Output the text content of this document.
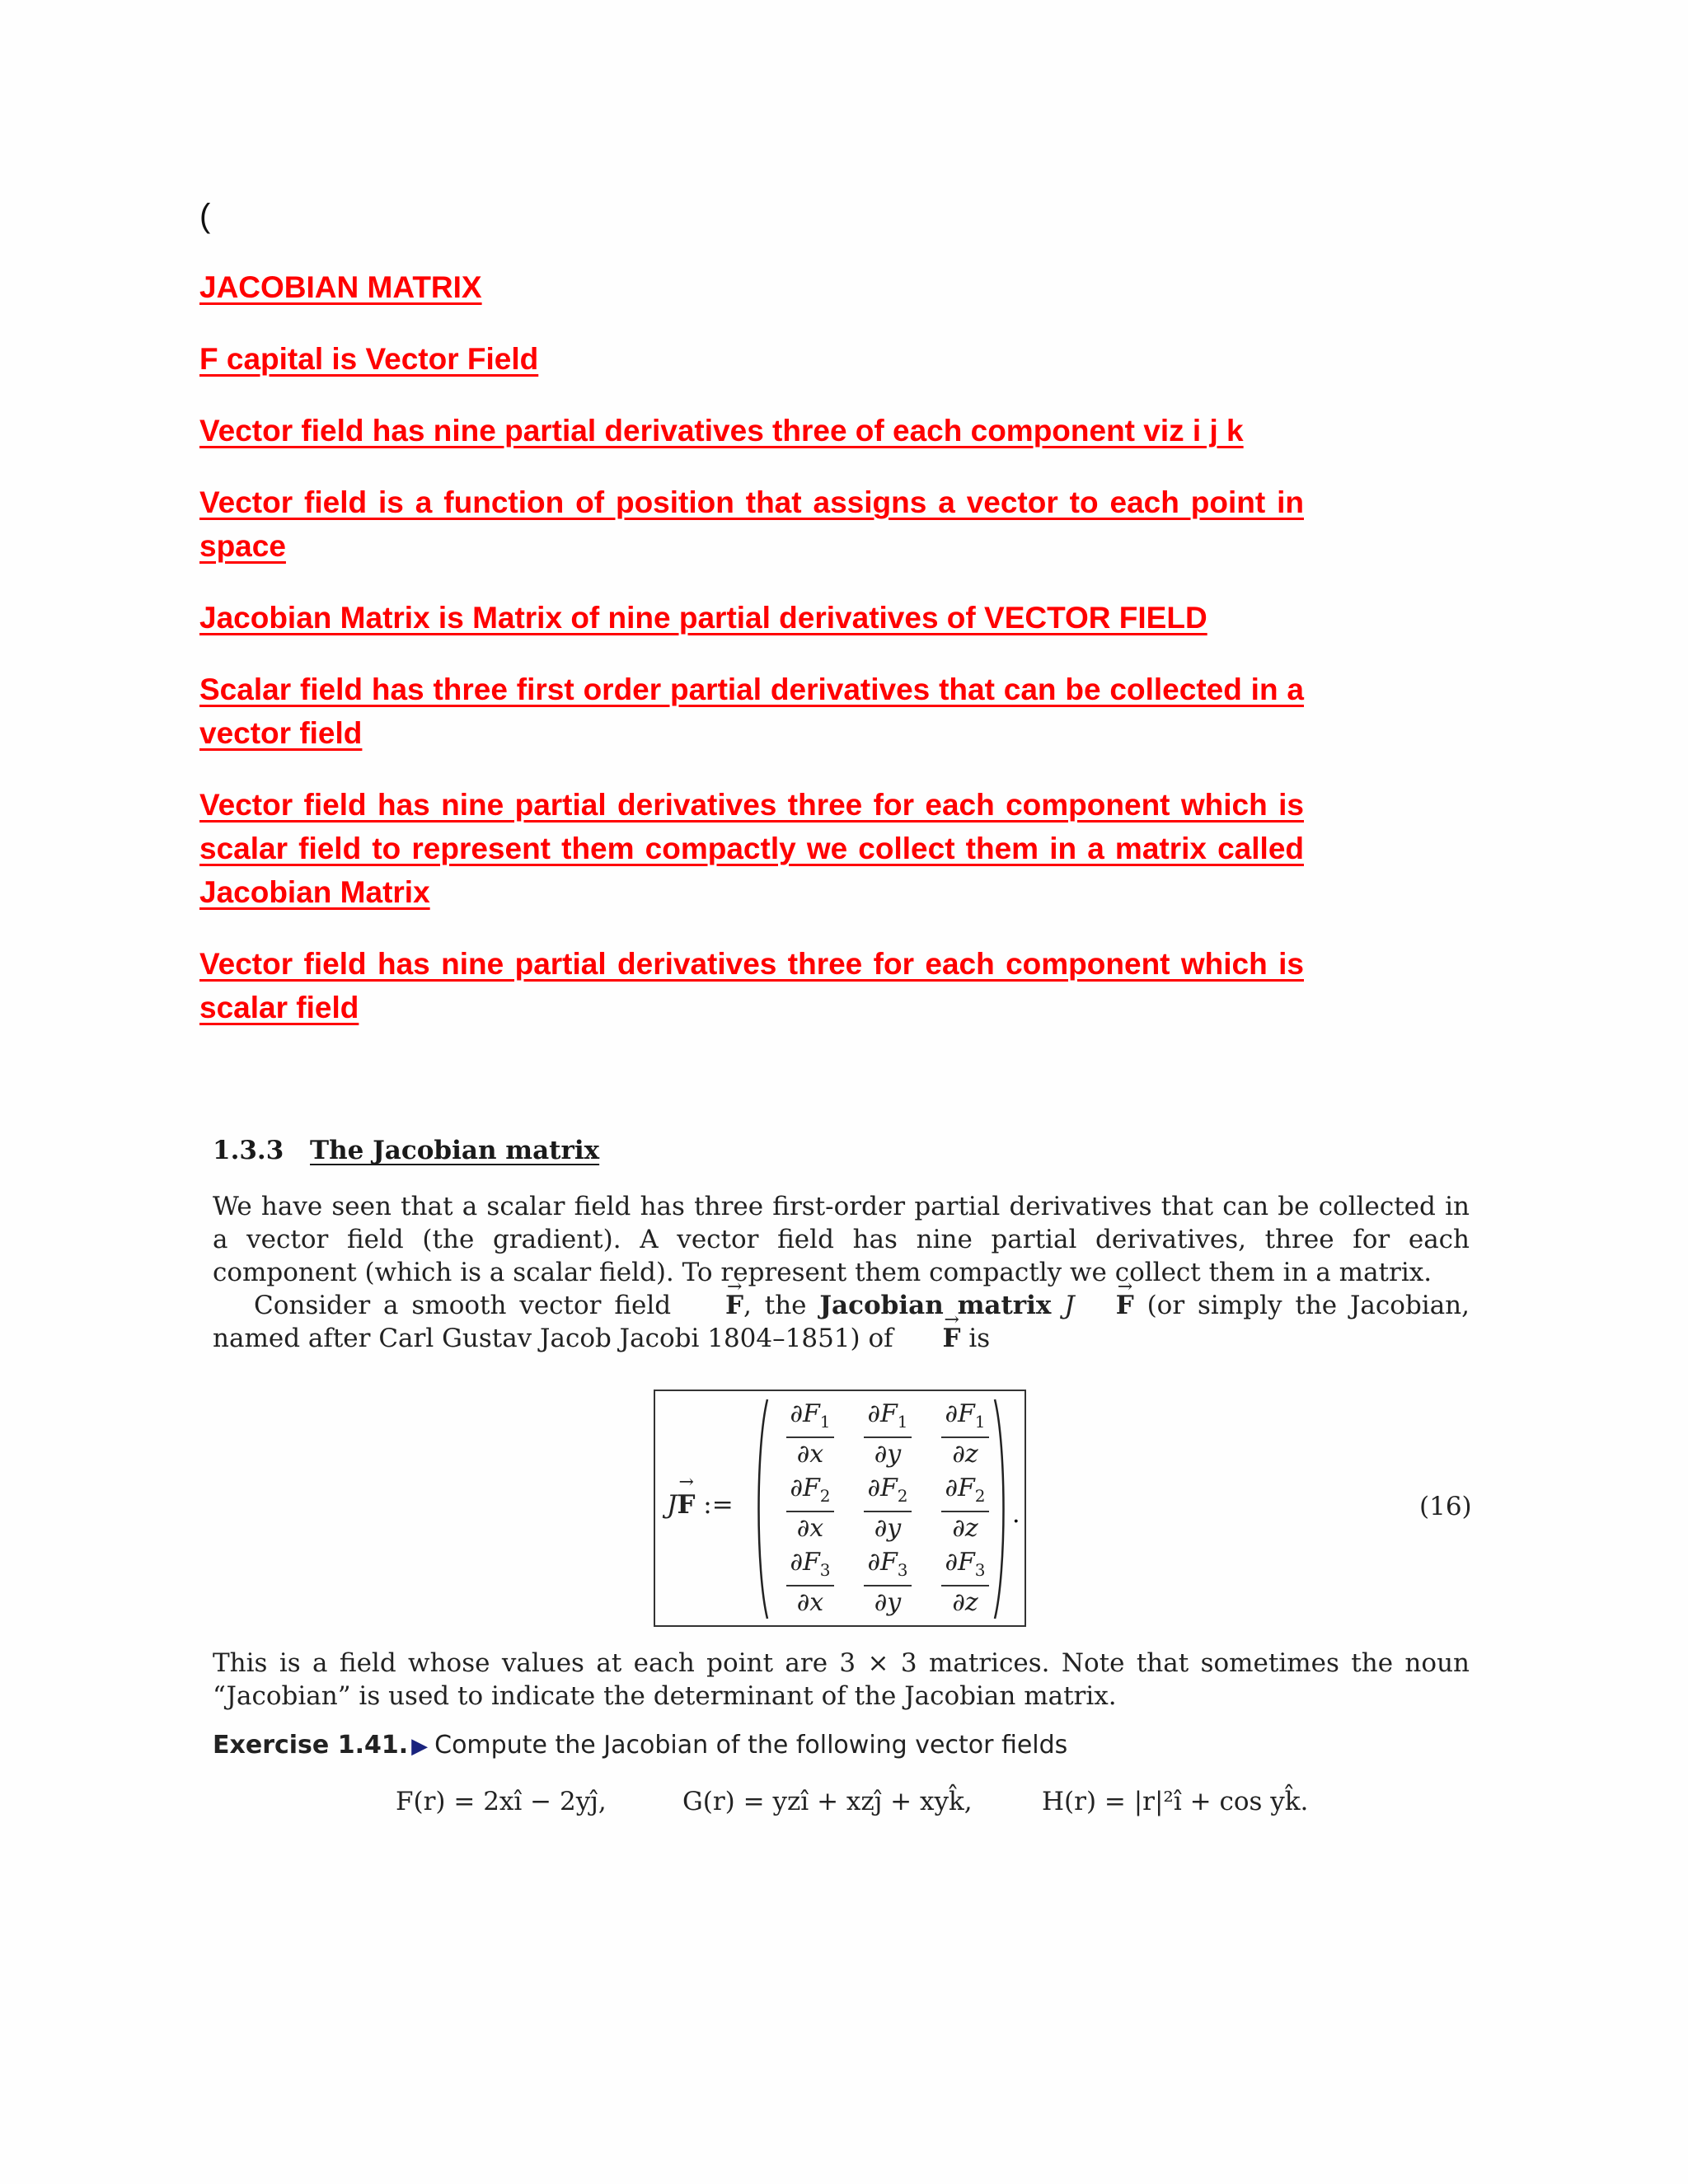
(

JACOBIAN MATRIX

F capital is Vector Field

Vector field has nine partial derivatives three of each component viz i j k

Vector field is a function of position that assigns a vector to each point in space

Jacobian Matrix is Matrix of nine partial derivatives of VECTOR FIELD

Scalar field has three first order partial derivatives that can be collected in a vector field

Vector field has nine partial derivatives three for each component which is scalar field to represent them compactly we collect them in a matrix called Jacobian Matrix

Vector field has nine partial derivatives three for each component which is scalar field

1.3.3 The Jacobian matrix

We have seen that a scalar field has three first-order partial derivatives that can be collected in a vector field (the gradient). A vector field has nine partial derivatives, three for each component (which is a scalar field). To represent them compactly we collect them in a matrix.

Consider a smooth vector field → F, the Jacobian matrix J→ F (or simply the Jacobian, named after Carl Gustav Jacob Jacobi 1804–1851) of → F is

J→ F :=
$\frac{\partial F_1}{\partial x} \frac{\partial F_1}{\partial y} \frac{\partial F_1}{\partial z}$
$\frac{\partial F_2}{\partial x} \frac{\partial F_2}{\partial y} \frac{\partial F_2}{\partial z}$
$\frac{\partial F_3}{\partial x} \frac{\partial F_3}{\partial y} \frac{\partial F_3}{\partial z}$
.	(16)

This is a field whose values at each point are 3 × 3 matrices. Note that sometimes the noun “Jacobian” is used to indicate the determinant of the Jacobian matrix.

Exercise 1.41. ▶ Compute the Jacobian of the following vector fields
F(r) = 2xî − 2yĵ,	G(r) = yzî + xzĵ + xyk̂,	H(r) = |r|²î + cos yk̂.
